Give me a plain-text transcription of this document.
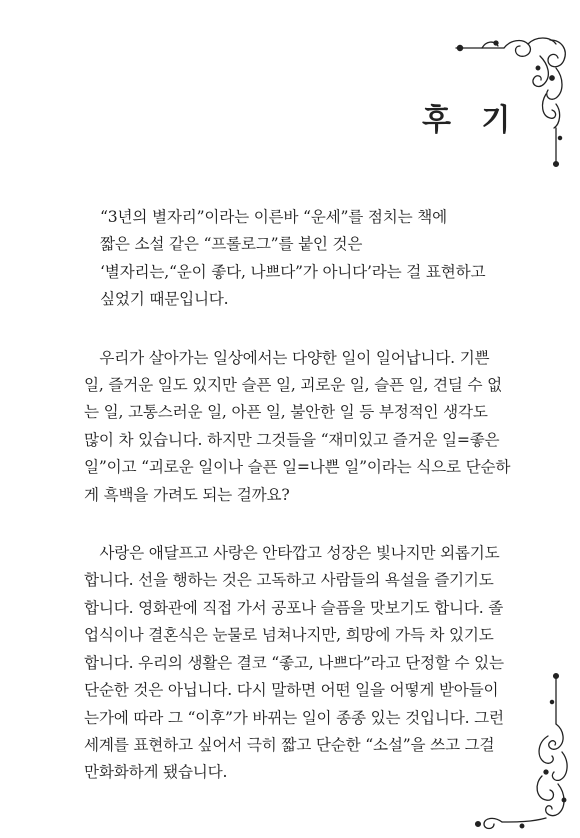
후 기
“3년의 별자리”이라는 이른바 “운세”를 점치는 책에
짧은 소설 같은 “프롤로그”를 붙인 것은
‘별자리는,“운이 좋다, 나쁘다”가 아니다’라는 걸 표현하고
싶었기 때문입니다.
　우리가 살아가는 일상에서는 다양한 일이 일어납니다. 기쁜
일, 즐거운 일도 있지만 슬픈 일, 괴로운 일, 슬픈 일, 견딜 수 없
는 일, 고통스러운 일, 아픈 일, 불안한 일 등 부정적인 생각도
많이 차 있습니다. 하지만 그것들을 “재미있고 즐거운 일=좋은
일”이고 “괴로운 일이나 슬픈 일=나쁜 일”이라는 식으로 단순하
게 흑백을 가려도 되는 걸까요?
　사랑은 애달프고 사랑은 안타깝고 성장은 빛나지만 외롭기도
합니다. 선을 행하는 것은 고독하고 사람들의 욕설을 즐기기도
합니다. 영화관에 직접 가서 공포나 슬픔을 맛보기도 합니다. 졸
업식이나 결혼식은 눈물로 넘쳐나지만, 희망에 가득 차 있기도
합니다. 우리의 생활은 결코 “좋고, 나쁘다”라고 단정할 수 있는
단순한 것은 아닙니다. 다시 말하면 어떤 일을 어떻게 받아들이
는가에 따라 그 “이후”가 바뀌는 일이 종종 있는 것입니다. 그런
세계를 표현하고 싶어서 극히 짧고 단순한 “소설”을 쓰고 그걸
만화화하게 됐습니다.
